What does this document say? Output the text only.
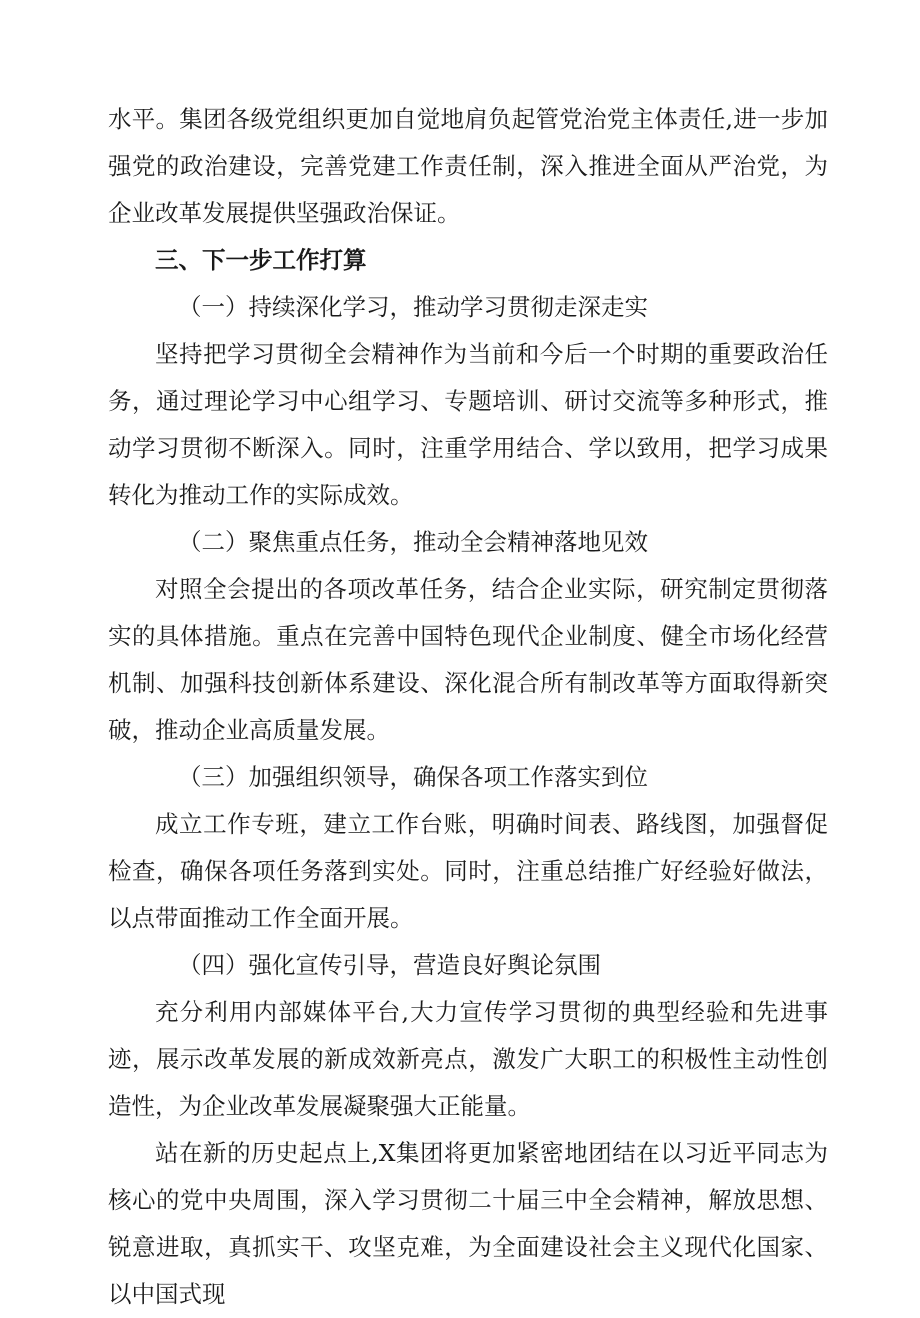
水平。集团各级党组织更加自觉地肩负起管党治党主体责任,进一步加强党的政治建设，完善党建工作责任制，深入推进全面从严治党，为企业改革发展提供坚强政治保证。

三、下一步工作打算

（一）持续深化学习，推动学习贯彻走深走实

坚持把学习贯彻全会精神作为当前和今后一个时期的重要政治任务，通过理论学习中心组学习、专题培训、研讨交流等多种形式，推动学习贯彻不断深入。同时，注重学用结合、学以致用，把学习成果转化为推动工作的实际成效。

（二）聚焦重点任务，推动全会精神落地见效

对照全会提出的各项改革任务，结合企业实际，研究制定贯彻落实的具体措施。重点在完善中国特色现代企业制度、健全市场化经营机制、加强科技创新体系建设、深化混合所有制改革等方面取得新突破，推动企业高质量发展。

（三）加强组织领导，确保各项工作落实到位

成立工作专班，建立工作台账，明确时间表、路线图，加强督促检查，确保各项任务落到实处。同时，注重总结推广好经验好做法，以点带面推动工作全面开展。

（四）强化宣传引导，营造良好舆论氛围

充分利用内部媒体平台,大力宣传学习贯彻的典型经验和先进事迹，展示改革发展的新成效新亮点，激发广大职工的积极性主动性创造性，为企业改革发展凝聚强大正能量。

站在新的历史起点上,X集团将更加紧密地团结在以习近平同志为核心的党中央周围，深入学习贯彻二十届三中全会精神，解放思想、锐意进取，真抓实干、攻坚克难，为全面建设社会主义现代化国家、以中国式现
